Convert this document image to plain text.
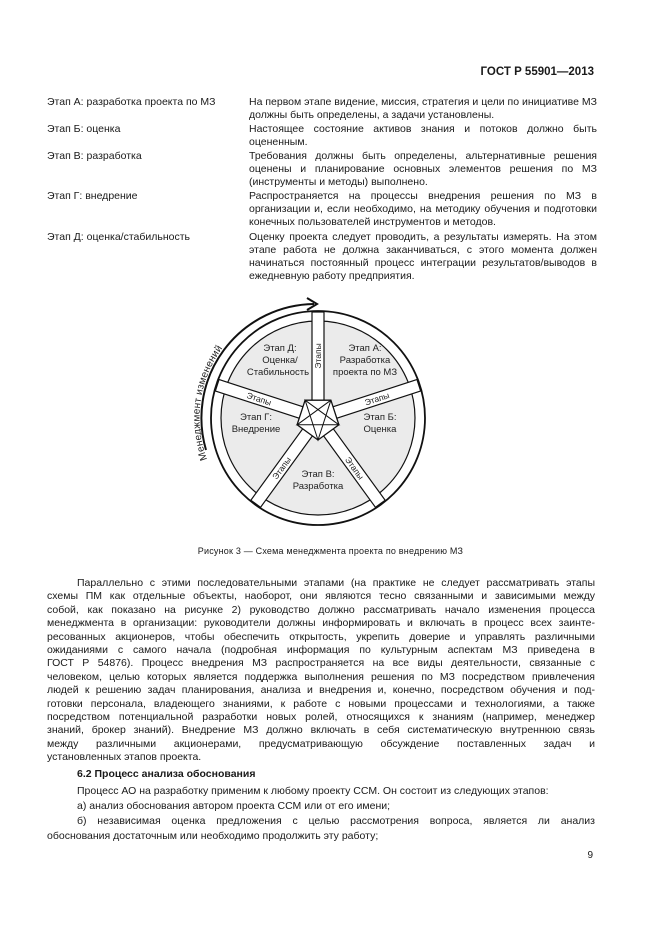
ГОСТ Р 55901—2013
Этап А: разработка проекта по МЗ	На первом этапе видение, миссия, стратегия и цели по инициативе МЗ должны быть определены, а задачи установлены.
Этап Б: оценка	Настоящее состояние активов знания и потоков должно быть оцененным.
Этап В: разработка	Требования должны быть определены, альтернативные решения оценены и планирование основных элементов решения по МЗ (инструменты и методы) выполнено.
Этап Г: внедрение	Распространяется на процессы внедрения решения по МЗ в организации и, если необходимо, на методику обучения и подготовки конечных пользователей инструментов и методов.
Этап Д: оценка/стабильность	Оценку проекта следует проводить, а результаты измерять. На этом этапе работа не должна заканчиваться, с этого момента должен начинаться постоянный процесс интеграции результатов/выводов в ежедневную работу предприятия.
Этап А:
Разработка
проекта по МЗ
Этап Д:
Оценка/
Стабильность
Этап Б:
Оценка
Этап Г:
Внедрение
Этап В:
Разработка
Этапы
Этапы
Этапы
Этапы
Этапы
Менеджмент изменений
Рисунок 3 — Схема менеджмента проекта по внедрению МЗ
Параллельно с этими последовательными этапами (на практике не следует рассматривать этапы
схемы ПМ как отдельные объекты, наоборот, они являются тесно связанными и зависимыми между
собой, как показано на рисунке 2) руководство должно рассматривать начало изменения процесса
менеджмента в организации: руководители должны информировать и включать в процесс всех заинте-
ресованных акционеров, чтобы обеспечить открытость, укрепить доверие и управлять различными
ожиданиями с самого начала (подробная информация по культурным аспектам МЗ приведена в
ГОСТ Р 54876). Процесс внедрения МЗ распространяется на все виды деятельности, связанные с
человеком, целью которых является поддержка выполнения решения по МЗ посредством привлечения
людей к решению задач планирования, анализа и внедрения и, конечно, посредством обучения и под-
готовки персонала, владеющего знаниями, к работе с новыми процессами и технологиями, а также
посредством потенциальной разработки новых ролей, относящихся к знаниям (например, менеджер
знаний, брокер знаний). Внедрение МЗ должно включать в себя систематическую внутреннюю связь
между различными акционерами, предусматривающую обсуждение поставленных задач и
установленных этапов проекта.
6.2 Процесс анализа обоснования
Процесс АО на разработку применим к любому проекту ССМ. Он состоит из следующих этапов:
а) анализ обоснования автором проекта ССМ или от его имени;
б) независимая оценка предложения с целью рассмотрения вопроса, является ли анализ
обоснования достаточным или необходимо продолжить эту работу;
9
